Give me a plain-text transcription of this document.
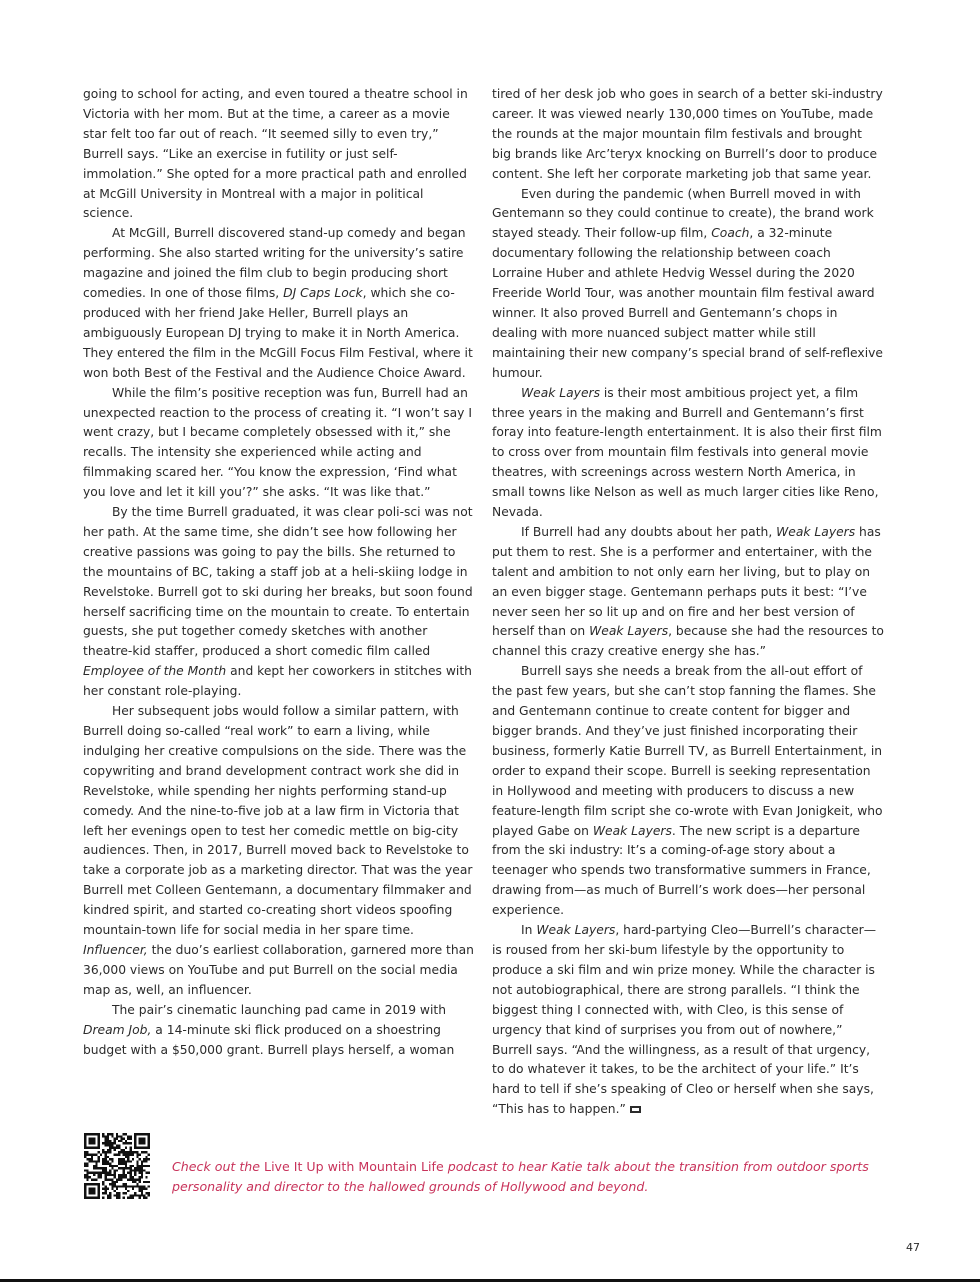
going to school for acting, and even toured a theatre school in Victoria with her mom. But at the time, a career as a movie star felt too far out of reach. “It seemed silly to even try,” Burrell says. “Like an exercise in futility or just self-immolation.” She opted for a more practical path and enrolled at McGill University in Montreal with a major in political science.

At McGill, Burrell discovered stand-up comedy and began performing. She also started writing for the university’s satire magazine and joined the film club to begin producing short comedies. In one of those films, DJ Caps Lock, which she co-produced with her friend Jake Heller, Burrell plays an ambiguously European DJ trying to make it in North America. They entered the film in the McGill Focus Film Festival, where it won both Best of the Festival and the Audience Choice Award.

While the film’s positive reception was fun, Burrell had an unexpected reaction to the process of creating it. “I won’t say I went crazy, but I became completely obsessed with it,” she recalls. The intensity she experienced while acting and filmmaking scared her. “You know the expression, ‘Find what you love and let it kill you’?” she asks. “It was like that.”

By the time Burrell graduated, it was clear poli-sci was not her path. At the same time, she didn’t see how following her creative passions was going to pay the bills. She returned to the mountains of BC, taking a staff job at a heli-skiing lodge in Revelstoke. Burrell got to ski during her breaks, but soon found herself sacrificing time on the mountain to create. To entertain guests, she put together comedy sketches with another theatre-kid staffer, produced a short comedic film called Employee of the Month and kept her coworkers in stitches with her constant role-playing.

Her subsequent jobs would follow a similar pattern, with Burrell doing so-called “real work” to earn a living, while indulging her creative compulsions on the side. There was the copywriting and brand development contract work she did in Revelstoke, while spending her nights performing stand-up comedy. And the nine-to-five job at a law firm in Victoria that left her evenings open to test her comedic mettle on big-city audiences. Then, in 2017, Burrell moved back to Revelstoke to take a corporate job as a marketing director. That was the year Burrell met Colleen Gentemann, a documentary filmmaker and kindred spirit, and started co-creating short videos spoofing mountain-town life for social media in her spare time. Influencer, the duo’s earliest collaboration, garnered more than 36,000 views on YouTube and put Burrell on the social media map as, well, an influencer.

The pair’s cinematic launching pad came in 2019 with Dream Job, a 14-minute ski flick produced on a shoestring budget with a $50,000 grant. Burrell plays herself, a woman

tired of her desk job who goes in search of a better ski-industry career. It was viewed nearly 130,000 times on YouTube, made the rounds at the major mountain film festivals and brought big brands like Arc’teryx knocking on Burrell’s door to produce content. She left her corporate marketing job that same year.

Even during the pandemic (when Burrell moved in with Gentemann so they could continue to create), the brand work stayed steady. Their follow-up film, Coach, a 32-minute documentary following the relationship between coach Lorraine Huber and athlete Hedvig Wessel during the 2020 Freeride World Tour, was another mountain film festival award winner. It also proved Burrell and Gentemann’s chops in dealing with more nuanced subject matter while still maintaining their new company’s special brand of self-reflexive humour.

Weak Layers is their most ambitious project yet, a film three years in the making and Burrell and Gentemann’s first foray into feature-length entertainment. It is also their first film to cross over from mountain film festivals into general movie theatres, with screenings across western North America, in small towns like Nelson as well as much larger cities like Reno, Nevada.

If Burrell had any doubts about her path, Weak Layers has put them to rest. She is a performer and entertainer, with the talent and ambition to not only earn her living, but to play on an even bigger stage. Gentemann perhaps puts it best: “I’ve never seen her so lit up and on fire and her best version of herself than on Weak Layers, because she had the resources to channel this crazy creative energy she has.”

Burrell says she needs a break from the all-out effort of the past few years, but she can’t stop fanning the flames. She and Gentemann continue to create content for bigger and bigger brands. And they’ve just finished incorporating their business, formerly Katie Burrell TV, as Burrell Entertainment, in order to expand their scope. Burrell is seeking representation in Hollywood and meeting with producers to discuss a new feature-length film script she co-wrote with Evan Jonigkeit, who played Gabe on Weak Layers. The new script is a departure from the ski industry: It’s a coming-of-age story about a teenager who spends two transformative summers in France, drawing from—as much of Burrell’s work does—her personal experience.

In Weak Layers, hard-partying Cleo—Burrell’s character—is roused from her ski-bum lifestyle by the opportunity to produce a ski film and win prize money. While the character is not autobiographical, there are strong parallels. “I think the biggest thing I connected with, with Cleo, is this sense of urgency that kind of surprises you from out of nowhere,” Burrell says. “And the willingness, as a result of that urgency, to do whatever it takes, to be the architect of your life.” It’s hard to tell if she’s speaking of Cleo or herself when she says, “This has to happen.”

Check out the Live It Up with Mountain Life podcast to hear Katie talk about the transition from outdoor sports personality and director to the hallowed grounds of Hollywood and beyond.
47
